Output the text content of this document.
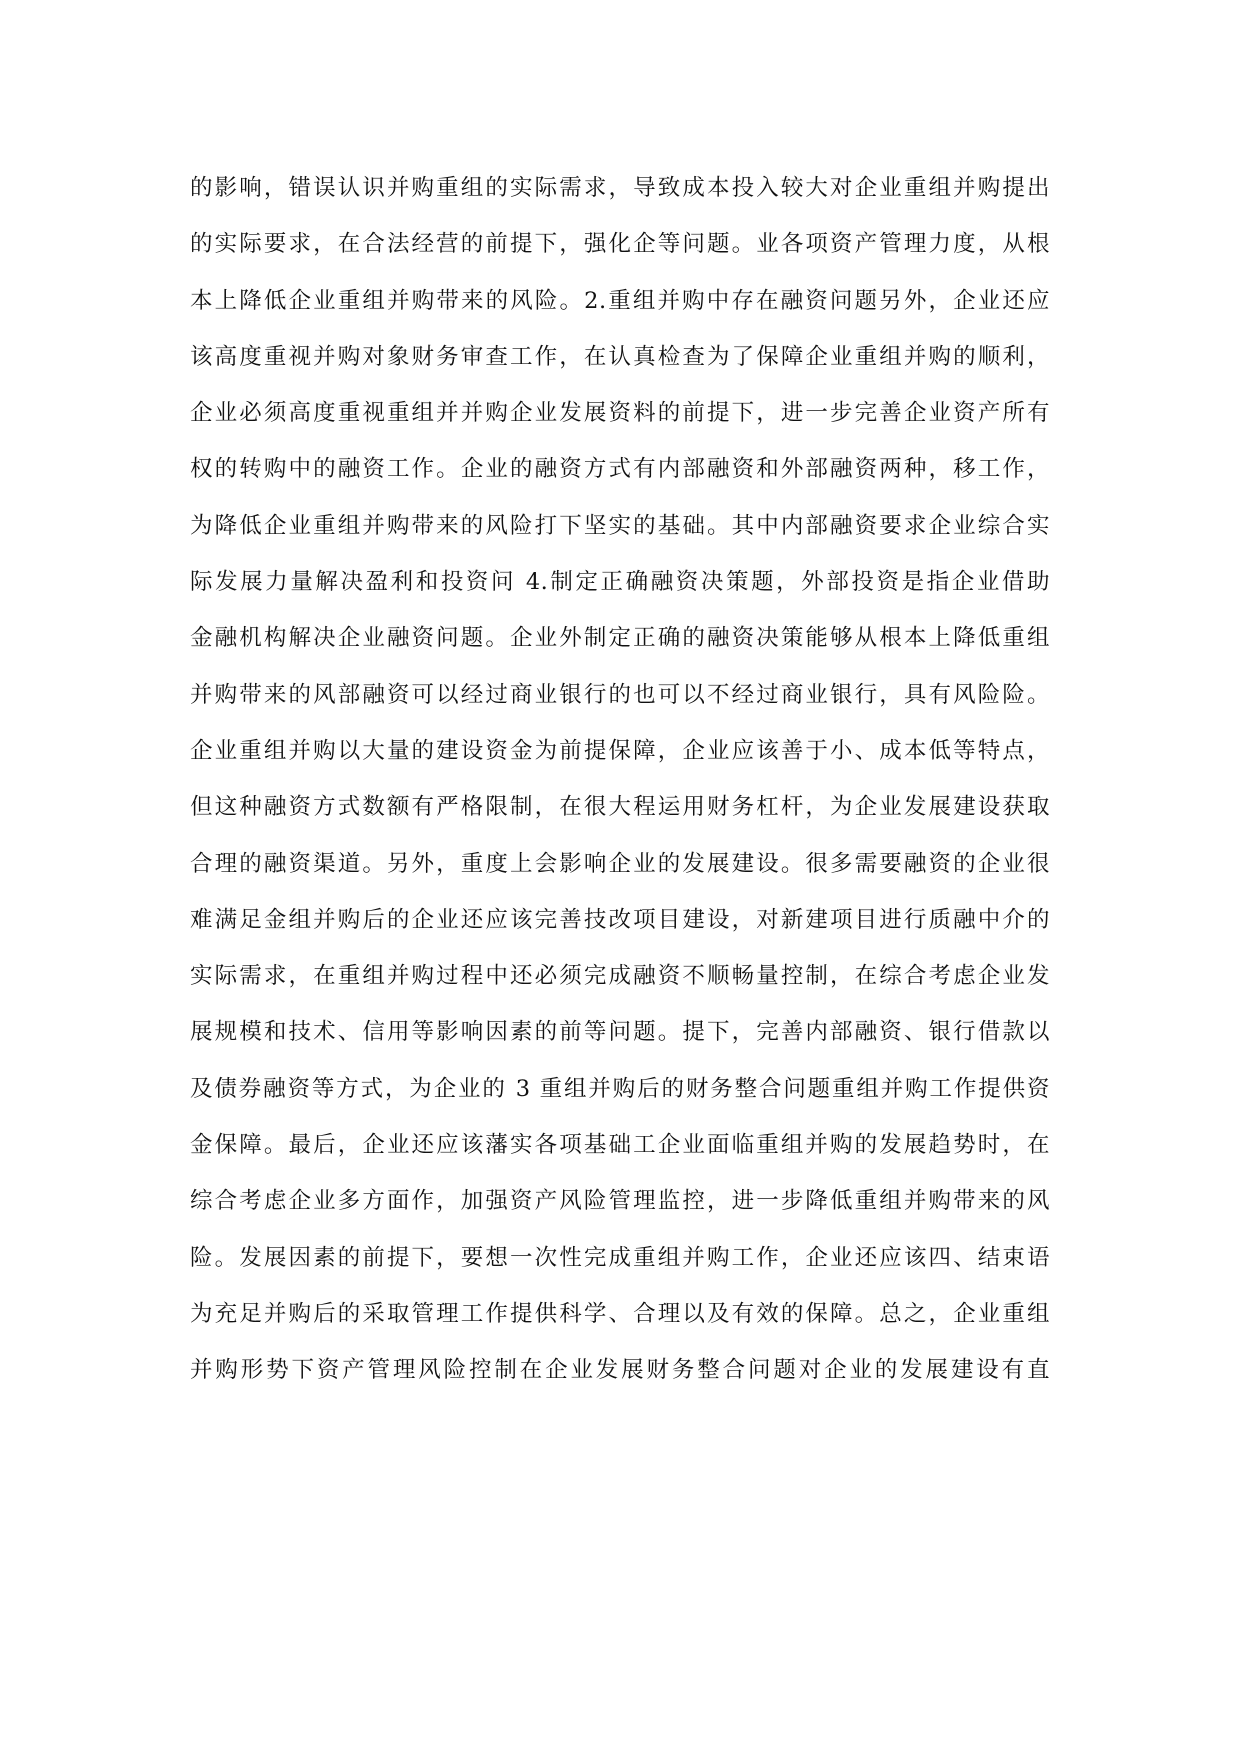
的影响，错误认识并购重组的实际需求，导致成本投入较大对企业重组并购提出
的实际要求，在合法经营的前提下，强化企等问题。业各项资产管理力度，从根
本上降低企业重组并购带来的风险。2.重组并购中存在融资问题另外，企业还应
该高度重视并购对象财务审查工作，在认真检查为了保障企业重组并购的顺利，
企业必须高度重视重组并并购企业发展资料的前提下，进一步完善企业资产所有
权的转购中的融资工作。企业的融资方式有内部融资和外部融资两种，移工作，
为降低企业重组并购带来的风险打下坚实的基础。其中内部融资要求企业综合实
际发展力量解决盈利和投资问 4.制定正确融资决策题，外部投资是指企业借助
金融机构解决企业融资问题。企业外制定正确的融资决策能够从根本上降低重组
并购带来的风部融资可以经过商业银行的也可以不经过商业银行，具有风险险。
企业重组并购以大量的建设资金为前提保障，企业应该善于小、成本低等特点，
但这种融资方式数额有严格限制，在很大程运用财务杠杆，为企业发展建设获取
合理的融资渠道。另外，重度上会影响企业的发展建设。很多需要融资的企业很
难满足金组并购后的企业还应该完善技改项目建设，对新建项目进行质融中介的
实际需求，在重组并购过程中还必须完成融资不顺畅量控制，在综合考虑企业发
展规模和技术、信用等影响因素的前等问题。提下，完善内部融资、银行借款以
及债券融资等方式，为企业的 3 重组并购后的财务整合问题重组并购工作提供资
金保障。最后，企业还应该藩实各项基础工企业面临重组并购的发展趋势时，在
综合考虑企业多方面作，加强资产风险管理监控，进一步降低重组并购带来的风
险。发展因素的前提下，要想一次性完成重组并购工作，企业还应该四、结束语
为充足并购后的采取管理工作提供科学、合理以及有效的保障。总之，企业重组
并购形势下资产管理风险控制在企业发展财务整合问题对企业的发展建设有直
